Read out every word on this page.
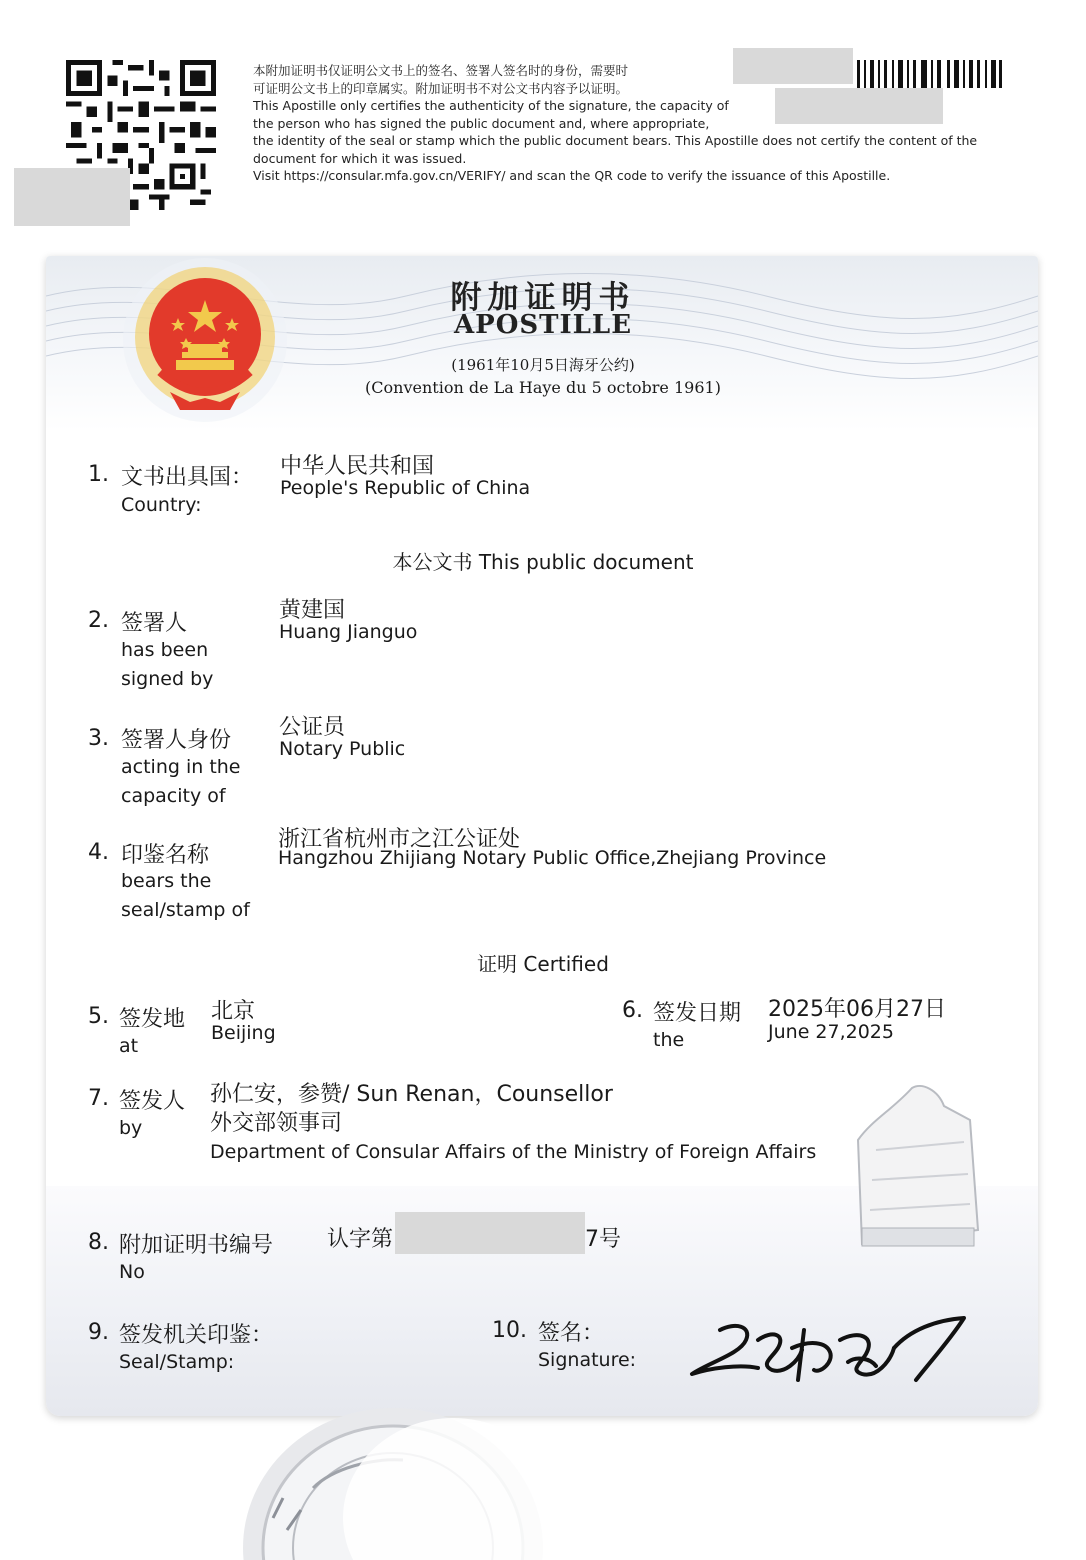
本附加证明书仅证明公文书上的签名、签署人签名时的身份，需要时
可证明公文书上的印章属实。附加证明书不对公文书内容予以证明。
This Apostille only certifies the authenticity of the signature, the capacity of
the person who has signed the public document and, where appropriate,
the identity of the seal or stamp which the public document bears. This Apostille does not certify the content of the
document for which it was issued.
Visit https://consular.mfa.gov.cn/VERIFY/ and scan the QR code to verify the issuance of this Apostille.
附加证明书
APOSTILLE
(1961年10月5日海牙公约)
(Convention de La Haye du 5 octobre 1961)
1. 文书出具国：
Country:
中华人民共和国
People's Republic of China
本公文书 This public document
2. 签署人
has been
signed by
黄建国
Huang Jianguo
3. 签署人身份
acting in the
capacity of
公证员
Notary Public
4. 印鉴名称
bears the
seal/stamp of
浙江省杭州市之江公证处
Hangzhou Zhijiang Notary Public Office,Zhejiang Province
证明 Certified
5. 签发地
at
北京
Beijing
6. 签发日期
the
2025年06月27日
June 27,2025
7. 签发人
by
孙仁安，参赞/ Sun Renan，Counsellor
外交部领事司
Department of Consular Affairs of the Ministry of Foreign Affairs
8. 附加证明书编号
No
认字第	7号
9. 签发机关印鉴：
Seal/Stamp:
10. 签名：
Signature:
